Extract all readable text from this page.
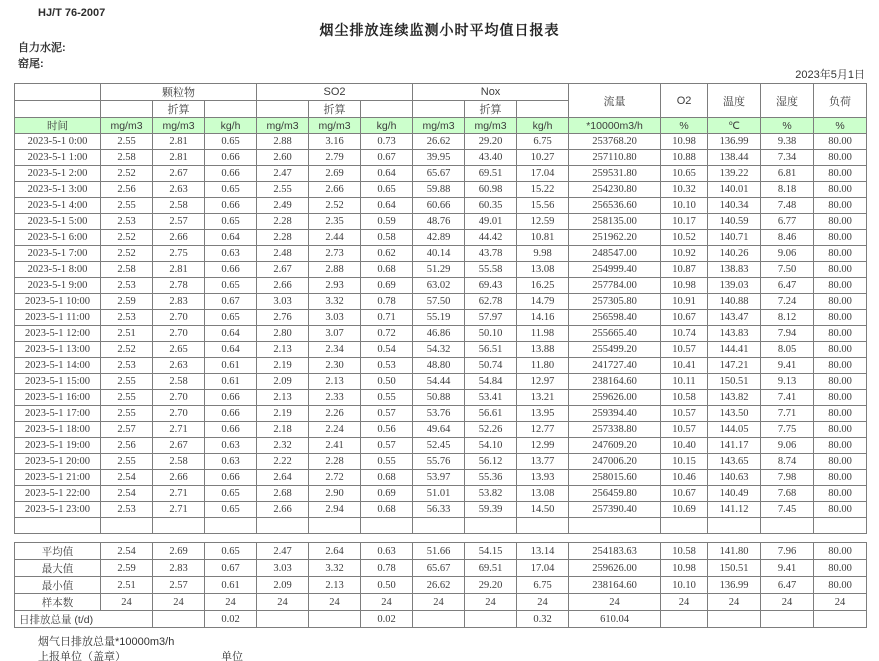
HJ/T 76-2007
烟尘排放连续监测小时平均值日报表
自力水泥:
窑尾:
2023年5月1日
	颗粒物			SO2			Nox			流量	O2	温度	湿度	负荷
		折算			折算			折算						
时间	mg/m3	mg/m3	kg/h	mg/m3	mg/m3	kg/h	mg/m3	mg/m3	kg/h	*10000m3/h	%	℃	%	%
2023-5-1 0:00	2.55	2.81	0.65	2.88	3.16	0.73	26.62	29.20	6.75	253768.20	10.98	136.99	9.38	80.00
2023-5-1 1:00	2.58	2.81	0.66	2.60	2.79	0.67	39.95	43.40	10.27	257110.80	10.88	138.44	7.34	80.00
2023-5-1 2:00	2.52	2.67	0.66	2.47	2.69	0.64	65.67	69.51	17.04	259531.80	10.65	139.22	6.81	80.00
2023-5-1 3:00	2.56	2.63	0.65	2.55	2.66	0.65	59.88	60.98	15.22	254230.80	10.32	140.01	8.18	80.00
2023-5-1 4:00	2.55	2.58	0.66	2.49	2.52	0.64	60.66	60.35	15.56	256536.60	10.10	140.34	7.48	80.00
2023-5-1 5:00	2.53	2.57	0.65	2.28	2.35	0.59	48.76	49.01	12.59	258135.00	10.17	140.59	6.77	80.00
2023-5-1 6:00	2.52	2.66	0.64	2.28	2.44	0.58	42.89	44.42	10.81	251962.20	10.52	140.71	8.46	80.00
2023-5-1 7:00	2.52	2.75	0.63	2.48	2.73	0.62	40.14	43.78	9.98	248547.00	10.92	140.26	9.06	80.00
2023-5-1 8:00	2.58	2.81	0.66	2.67	2.88	0.68	51.29	55.58	13.08	254999.40	10.87	138.83	7.50	80.00
2023-5-1 9:00	2.53	2.78	0.65	2.66	2.93	0.69	63.02	69.43	16.25	257784.00	10.98	139.03	6.47	80.00
2023-5-1 10:00	2.59	2.83	0.67	3.03	3.32	0.78	57.50	62.78	14.79	257305.80	10.91	140.88	7.24	80.00
2023-5-1 11:00	2.53	2.70	0.65	2.76	3.03	0.71	55.19	57.97	14.16	256598.40	10.67	143.47	8.12	80.00
2023-5-1 12:00	2.51	2.70	0.64	2.80	3.07	0.72	46.86	50.10	11.98	255665.40	10.74	143.83	7.94	80.00
2023-5-1 13:00	2.52	2.65	0.64	2.13	2.34	0.54	54.32	56.51	13.88	255499.20	10.57	144.41	8.05	80.00
2023-5-1 14:00	2.53	2.63	0.61	2.19	2.30	0.53	48.80	50.74	11.80	241727.40	10.41	147.21	9.41	80.00
2023-5-1 15:00	2.55	2.58	0.61	2.09	2.13	0.50	54.44	54.84	12.97	238164.60	10.11	150.51	9.13	80.00
2023-5-1 16:00	2.55	2.70	0.66	2.13	2.33	0.55	50.88	53.41	13.21	259626.00	10.58	143.82	7.41	80.00
2023-5-1 17:00	2.55	2.70	0.66	2.19	2.26	0.57	53.76	56.61	13.95	259394.40	10.57	143.50	7.71	80.00
2023-5-1 18:00	2.57	2.71	0.66	2.18	2.24	0.56	49.64	52.26	12.77	257338.80	10.57	144.05	7.75	80.00
2023-5-1 19:00	2.56	2.67	0.63	2.32	2.41	0.57	52.45	54.10	12.99	247609.20	10.40	141.17	9.06	80.00
2023-5-1 20:00	2.55	2.58	0.63	2.22	2.28	0.55	55.76	56.12	13.77	247006.20	10.15	143.65	8.74	80.00
2023-5-1 21:00	2.54	2.66	0.66	2.64	2.72	0.68	53.97	55.36	13.93	258015.60	10.46	140.63	7.98	80.00
2023-5-1 22:00	2.54	2.71	0.65	2.68	2.90	0.69	51.01	53.82	13.08	256459.80	10.67	140.49	7.68	80.00
2023-5-1 23:00	2.53	2.71	0.65	2.66	2.94	0.68	56.33	59.39	14.50	257390.40	10.69	141.12	7.45	80.00

平均值	2.54	2.69	0.65	2.47	2.64	0.63	51.66	54.15	13.14	254183.63	10.58	141.80	7.96	80.00
最大值	2.59	2.83	0.67	3.03	3.32	0.78	65.67	69.51	17.04	259626.00	10.98	150.51	9.41	80.00
最小值	2.51	2.57	0.61	2.09	2.13	0.50	26.62	29.20	6.75	238164.60	10.10	136.99	6.47	80.00
样本数	24	24	24	24	24	24	24	24	24	24	24	24	24	24
日排放总量 (t/d)			0.02			0.02			0.32	610.04				
烟气日排放总量*10000m3/h
上报单位（盖章）	单位
